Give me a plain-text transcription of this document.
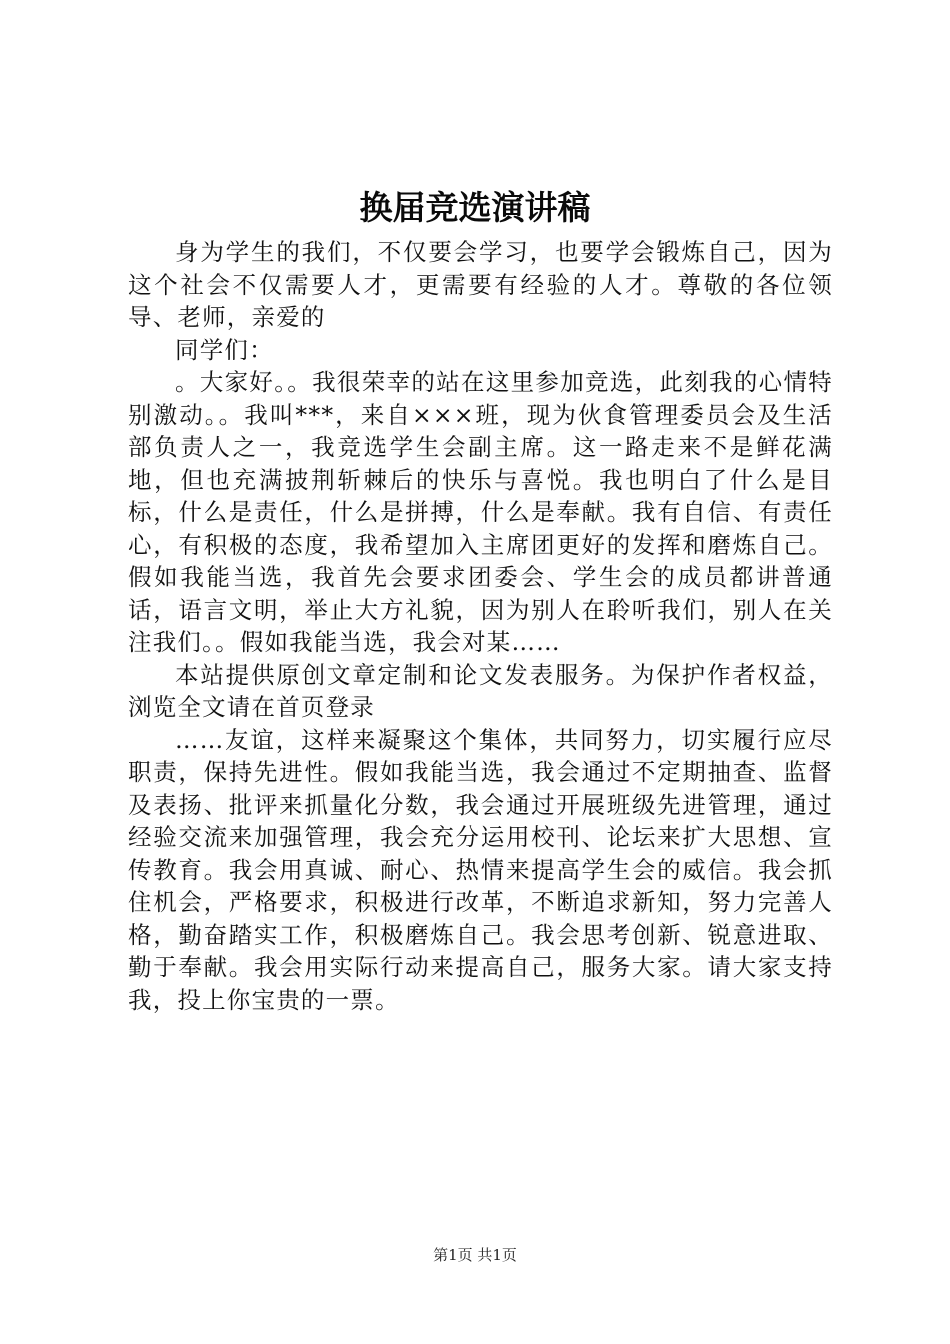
换届竞选演讲稿

身为学生的我们，不仅要会学习，也要学会锻炼自己，因为这个社会不仅需要人才，更需要有经验的人才。尊敬的各位领导、老师，亲爱的

同学们：

。大家好。。我很荣幸的站在这里参加竞选，此刻我的心情特别激动。。我叫***，来自×××班，现为伙食管理委员会及生活部负责人之一，我竞选学生会副主席。这一路走来不是鲜花满地，但也充满披荆斩棘后的快乐与喜悦。我也明白了什么是目标，什么是责任，什么是拼搏，什么是奉献。我有自信、有责任心，有积极的态度，我希望加入主席团更好的发挥和磨炼自己。假如我能当选，我首先会要求团委会、学生会的成员都讲普通话，语言文明，举止大方礼貌，因为别人在聆听我们，别人在关注我们。。假如我能当选，我会对某……

本站提供原创文章定制和论文发表服务。为保护作者权益，浏览全文请在首页登录

……友谊，这样来凝聚这个集体，共同努力，切实履行应尽职责，保持先进性。假如我能当选，我会通过不定期抽查、监督及表扬、批评来抓量化分数，我会通过开展班级先进管理，通过经验交流来加强管理，我会充分运用校刊、论坛来扩大思想、宣传教育。我会用真诚、耐心、热情来提高学生会的威信。我会抓住机会，严格要求，积极进行改革，不断追求新知，努力完善人格，勤奋踏实工作，积极磨炼自己。我会思考创新、锐意进取、勤于奉献。我会用实际行动来提高自己，服务大家。请大家支持我，投上你宝贵的一票。

第1页 共1页
